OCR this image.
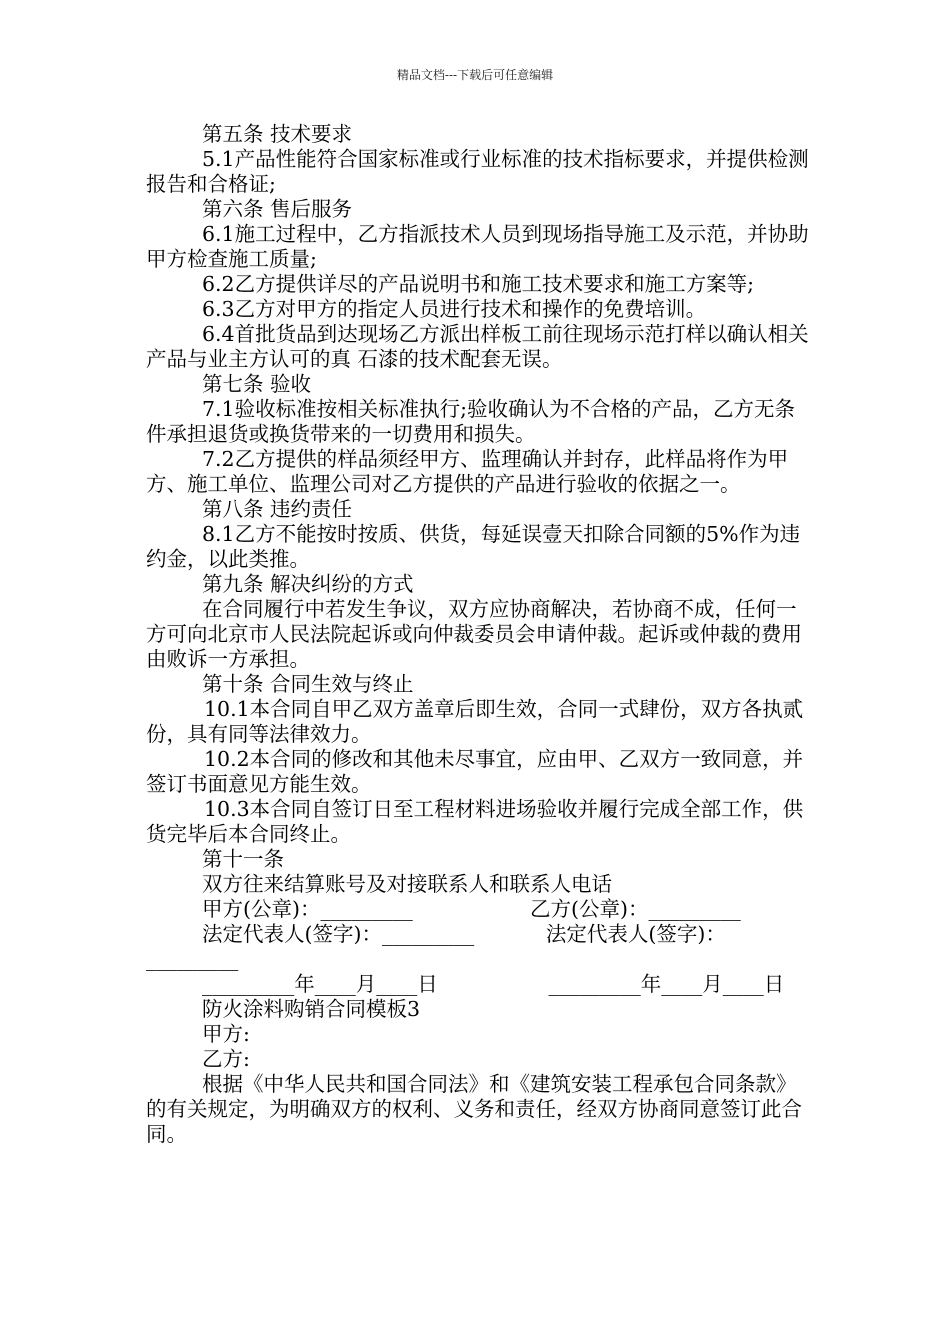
精品文档---下载后可任意编辑

第五条 技术要求

5.1产品性能符合国家标准或行业标准的技术指标要求，并提供检测报告和合格证;

第六条 售后服务

6.1施工过程中，乙方指派技术人员到现场指导施工及示范，并协助甲方检查施工质量;

6.2乙方提供详尽的产品说明书和施工技术要求和施工方案等;

6.3乙方对甲方的指定人员进行技术和操作的免费培训。

6.4首批货品到达现场乙方派出样板工前往现场示范打样以确认相关产品与业主方认可的真 石漆的技术配套无误。

第七条 验收

7.1验收标准按相关标准执行;验收确认为不合格的产品，乙方无条件承担退货或换货带来的一切费用和损失。

7.2乙方提供的样品须经甲方、监理确认并封存，此样品将作为甲方、施工单位、监理公司对乙方提供的产品进行验收的依据之一。

第八条 违约责任

8.1乙方不能按时按质、供货，每延误壹天扣除合同额的5%作为违约金，以此类推。

第九条 解决纠纷的方式

在合同履行中若发生争议，双方应协商解决，若协商不成，任何一方可向北京市人民法院起诉或向仲裁委员会申请仲裁。起诉或仲裁的费用由败诉一方承担。

第十条 合同生效与终止

10.1本合同自甲乙双方盖章后即生效，合同一式肆份，双方各执贰份，具有同等法律效力。

10.2本合同的修改和其他未尽事宜，应由甲、乙双方一致同意，并签订书面意见方能生效。

10.3本合同自签订日至工程材料进场验收并履行完成全部工作，供货完毕后本合同终止。

第十一条

双方往来结算账号及对接联系人和联系人电话

甲方(公章)：_________                  乙方(公章)：_________

法定代表人(签字)：_________           法定代表人(签字)：_________

_________年____月____日                 _________年____月____日

防火涂料购销合同模板3

甲方:

乙方:

根据《中华人民共和国合同法》和《建筑安装工程承包合同条款》的有关规定，为明确双方的权利、义务和责任，经双方协商同意签订此合同。
